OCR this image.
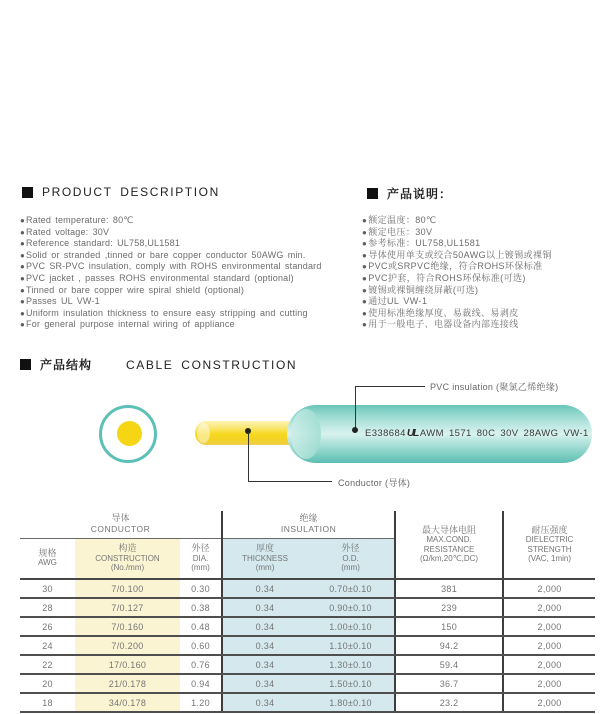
PRODUCT DESCRIPTION
● Rated temperature: 80℃
● Rated voltage: 30V
● Reference standard: UL758,UL1581
● Solid or stranded ,tinned or bare copper conductor 50AWG min.
● PVC SR-PVC insulation, comply with ROHS environmental standard
● PVC jacket , passes ROHS environmental standard (optional)
● Tinned or bare copper wire spiral shield (optional)
● Passes UL VW-1
● Uniform insulation thickness to ensure easy stripping and cutting
● For general purpose internal wiring of appliance
产品说明：
● 额定温度：80℃
● 额定电压：30V
● 参考标准：UL758,UL1581
● 导体使用单支或绞合50AWG以上镀锡或裸铜
● PVC或SRPVC绝缘，符合ROHS环保标准
● PVC护套，符合ROHS环保标准(可选)
● 镀锡或裸铜缠绕屏蔽(可选)
● 通过UL VW-1
● 使用标准绝缘厚度、易裁线、易剥皮
● 用于一般电子、电器设备内部连接线
产品结构	CABLE CONSTRUCTION
E338684UL AWM 1571 80C 30V 28AWG VW-1
PVC insulation (聚氯乙烯绝缘)
Conductor (导体)
导体
CONDUCTOR

绝缘
INSULATION	最大导体电阻
MAX.COND.
RESISTANCE
(Ω/km,20℃,DC)

耐压强度
DIELECTRIC
STRENGTH
(VAC, 1min)

规格
AWG

构造
CONSTRUCTION
(No./mm)

外径
DIA.
(mm)

厚度
THICKNESS
(mm)

外径
O.D.
(mm)

30	7/0.100	0.30	0.34	0.70±0.10	381	2,000
28	7/0.127	0.38	0.34	0.90±0.10	239	2,000
26	7/0.160	0.48	0.34	1.00±0.10	150	2,000
24	7/0.200	0.60	0.34	1.10±0.10	94.2	2,000
22	17/0.160	0.76	0.34	1.30±0.10	59.4	2,000
20	21/0.178	0.94	0.34	1.50±0.10	36.7	2,000
18	34/0.178	1.20	0.34	1.80±0.10	23.2	2,000
